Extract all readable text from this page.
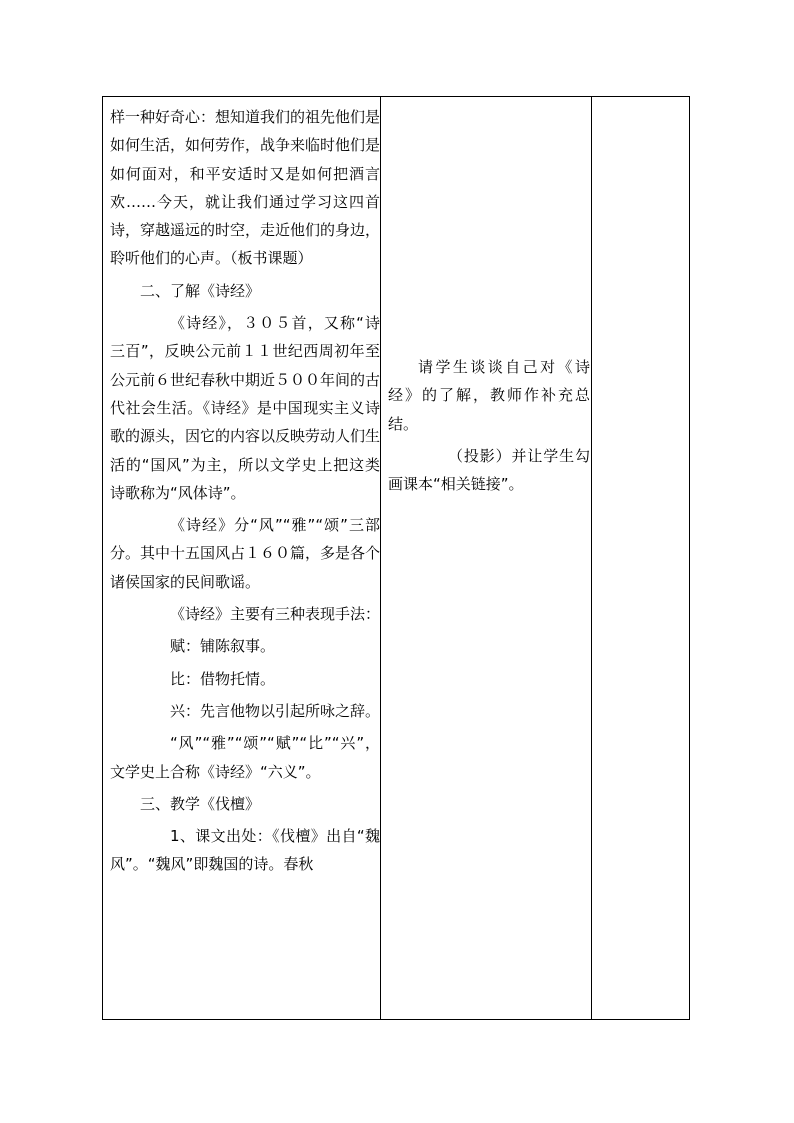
样一种好奇心：想知道我们的祖先他们是如何生活，如何劳作，战争来临时他们是如何面对，和平安适时又是如何把酒言欢……今天，就让我们通过学习这四首诗，穿越遥远的时空，走近他们的身边，聆听他们的心声。（板书课题）

二、了解《诗经》

《诗经》，３０５首，又称“诗三百”，反映公元前１１世纪西周初年至公元前６世纪春秋中期近５００年间的古代社会生活。《诗经》是中国现实主义诗歌的源头，因它的内容以反映劳动人们生活的“国风”为主，所以文学史上把这类诗歌称为“风体诗”。

《诗经》分“风”“雅”“颂”三部分。其中十五国风占１６０篇，多是各个诸侯国家的民间歌谣。

《诗经》主要有三种表现手法：

赋：铺陈叙事。

比：借物托情。

兴：先言他物以引起所咏之辞。

“风”“雅”“颂”“赋”“比”“兴”，文学史上合称《诗经》“六义”。

三、教学《伐檀》

1、课文出处：《伐檀》出自“魏风”。“魏风”即魏国的诗。春秋

请学生谈谈自己对《诗经》的了解，教师作补充总结。

（投影）并让学生勾画课本“相关链接”。
